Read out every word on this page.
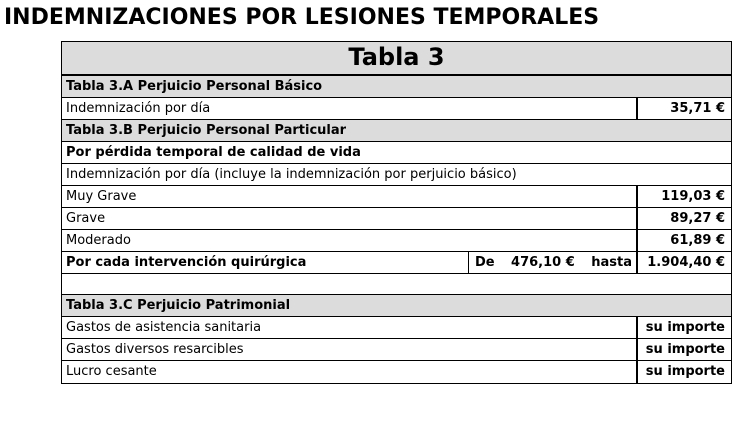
INDEMNIZACIONES POR LESIONES TEMPORALES
Tabla 3
Tabla 3.A Perjuicio Personal Básico
Indemnización por día	35,71 €
Tabla 3.B Perjuicio Personal Particular
Por pérdida temporal de calidad de vida
Indemnización por día (incluye la indemnización por perjuicio básico)
Muy Grave	119,03 €
Grave	89,27 €
Moderado	61,89 €
Por cada intervención quirúrgica	De 476,10 € hasta	1.904,40 €
Tabla 3.C Perjuicio Patrimonial
Gastos de asistencia sanitaria	su importe
Gastos diversos resarcibles	su importe
Lucro cesante	su importe
